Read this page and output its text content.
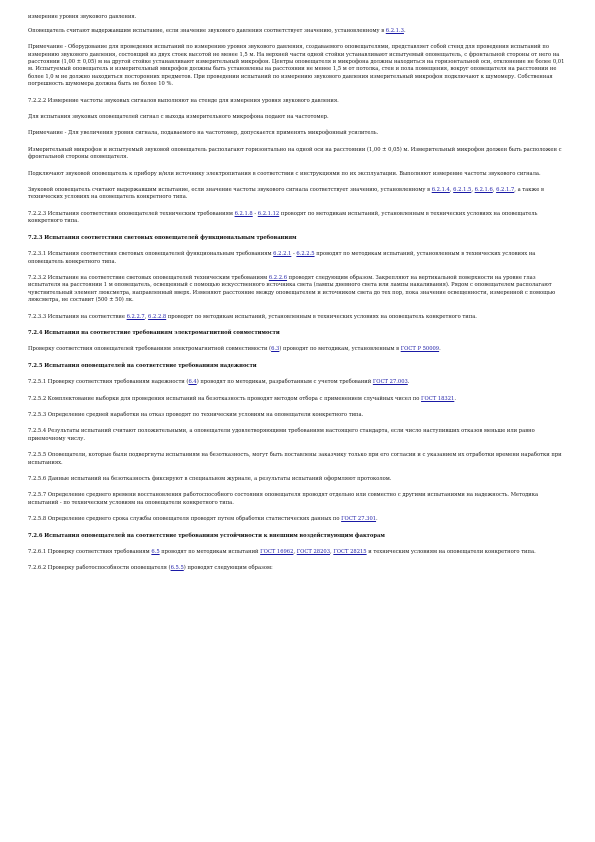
измерение уровня звукового давления.

Оповещатель считают выдержавшим испытание, если значение звукового давления соответствует значению, установленному в 6.2.1.3.

Примечание - Оборудование для проведения испытаний по измерению уровня звукового давления, создаваемого оповещателями, представляет собой стенд для проведения испытаний по измерению звукового давления, состоящий из двух стоек высотой не менее 1,5 м. На верхней части одной стойки устанавливают испытуемый оповещатель, с фронтальной стороны от него на расстоянии (1,00 ± 0,05) м на другой стойке устанавливают измерительный микрофон. Центры оповещателя и микрофона должны находиться на горизонтальной оси, отклонение не более 0,01 м. Испытуемый оповещатель и измерительный микрофон должны быть установлены на расстоянии не менее 1,5 м от потолка, стен и пола помещения, вокруг оповещателя на расстоянии не более 1,0 м не должно находиться посторонних предметов. При проведении испытаний по измерению звукового давления измерительный микрофон подключают к шумомеру. Собственная погрешность шумомера должна быть не более 10 %.

7.2.2.2 Измерение частоты звуковых сигналов выполняют на стенде для измерения уровня звукового давления.

Для испытания звуковых оповещателей сигнал с выхода измерительного микрофона подают на частотомер.

Примечание - Для увеличения уровня сигнала, подаваемого на частотомер, допускается применять микрофонный усилитель.

Измерительный микрофон и испытуемый звуковой оповещатель располагают горизонтально на одной оси на расстоянии (1,00 ± 0,05) м. Измерительный микрофон должен быть расположен с фронтальной стороны оповещателя.

Подключают звуковой оповещатель к прибору и/или источнику электропитания в соответствии с инструкциями по их эксплуатации. Выполняют измерение частоты звукового сигнала.

Звуковой оповещатель считают выдержавшим испытание, если значение частоты звукового сигнала соответствует значению, установленному в 6.2.1.4, 6.2.1.5, 6.2.1.6, 6.2.1.7, а также в технических условиях на оповещатель конкретного типа.

7.2.2.3 Испытания соответствия оповещателей техническим требованиям 6.2.1.8 - 6.2.1.12 проводят по методикам испытаний, установленным в технических условиях на оповещатель конкретного типа.

7.2.3 Испытания соответствия световых оповещателей функциональным требованиям

7.2.3.1 Испытания соответствия световых оповещателей функциональным требованиям 6.2.2.1 - 6.2.2.5 проводят по методикам испытаний, установленным в технических условиях на оповещатель конкретного типа.

7.2.3.2 Испытание на соответствие световых оповещателей техническим требованиям 6.2.2.6 проводят следующим образом. Закрепляют на вертикальной поверхности на уровне глаз испытателя на расстоянии 1 м оповещатель, освещенный с помощью искусственного источника света (лампы дневного света или лампы накаливания). Рядом с оповещателем располагают чувствительный элемент люксметра, направленный вверх. Изменяют расстояние между оповещателем и источником света до тех пор, пока значение освещенности, измеренной с помощью люксметра, не составит (500 ± 50) лк.

7.2.3.3 Испытания на соответствие 6.2.2.7, 6.2.2.8 проводят по методикам испытаний, установленным в технических условиях на оповещатель конкретного типа.

7.2.4 Испытания на соответствие требованиям электромагнитной совместимости

Проверку соответствия оповещателей требованиям электромагнитной совместимости (6.3) проводят по методикам, установленным в ГОСТ Р 50009.

7.2.5 Испытания оповещателей на соответствие требованиям надежности

7.2.5.1 Проверку соответствия требованиям надежности (6.4) проводят по методикам, разработанным с учетом требований ГОСТ 27.003.

7.2.5.2 Комплектование выборки для проведения испытаний на безотказность проводят методом отбора с применением случайных чисел по ГОСТ 18321.

7.2.5.3 Определение средней наработки на отказ проводят по техническим условиям на оповещатели конкретного типа.

7.2.5.4 Результаты испытаний считают положительными, а оповещатели удовлетворяющими требованиям настоящего стандарта, если число наступивших отказов меньше или равно приемочному числу.

7.2.5.5 Оповещатели, которые были подвергнуты испытаниям на безотказность, могут быть поставлены заказчику только при его согласии и с указанием их отработки времени наработки при испытаниях.

7.2.5.6 Данные испытаний на безотказность фиксируют в специальном журнале, а результаты испытаний оформляют протоколом.

7.2.5.7 Определение среднего времени восстановления работоспособного состояния оповещателя проводят отдельно или совместно с другими испытаниями на надежность. Методика испытаний - по техническим условиям на оповещатели конкретного типа.

7.2.5.8 Определение среднего срока службы оповещателя проводят путем обработки статистических данных по ГОСТ 27.301.

7.2.6 Испытания оповещателей на соответствие требованиям устойчивости к внешним воздействующим факторам

7.2.6.1 Проверку соответствия требованиям 6.5 проводят по методикам испытаний ГОСТ 16962, ГОСТ 28203, ГОСТ 28215 и техническим условиям на оповещатели конкретного типа.

7.2.6.2 Проверку работоспособности оповещателя (6.5.5) проводят следующим образом:
